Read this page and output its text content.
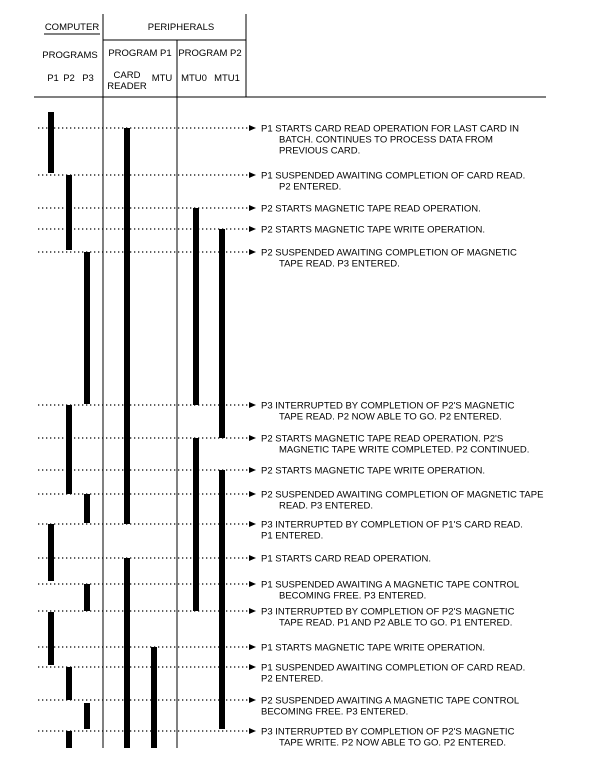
COMPUTER	PERIPHERALS
PROGRAMS PROGRAM P1 PROGRAM P2
P1 P2 P3 CARD
READER
MTU MTU0 MTU1
P1 STARTS CARD READ OPERATION FOR LAST CARD IN
BATCH. CONTINUES TO PROCESS DATA FROM
PREVIOUS CARD.
P1 SUSPENDED AWAITING COMPLETION OF CARD READ.
P2 ENTERED.
P2 STARTS MAGNETIC TAPE READ OPERATION.
P2 STARTS MAGNETIC TAPE WRITE OPERATION.
P2 SUSPENDED AWAITING COMPLETION OF MAGNETIC
TAPE READ. P3 ENTERED.
P3 INTERRUPTED BY COMPLETION OF P2'S MAGNETIC
TAPE READ. P2 NOW ABLE TO GO. P2 ENTERED.
P2 STARTS MAGNETIC TAPE READ OPERATION. P2'S
MAGNETIC TAPE WRITE COMPLETED. P2 CONTINUED.
P2 STARTS MAGNETIC TAPE WRITE OPERATION.
P2 SUSPENDED AWAITING COMPLETION OF MAGNETIC TAPE
READ. P3 ENTERED.
P3 INTERRUPTED BY COMPLETION OF P1'S CARD READ.
P1 ENTERED.
P1 STARTS CARD READ OPERATION.
P1 SUSPENDED AWAITING A MAGNETIC TAPE CONTROL
BECOMING FREE. P3 ENTERED.
P3 INTERRUPTED BY COMPLETION OF P2'S MAGNETIC
TAPE READ. P1 AND P2 ABLE TO GO. P1 ENTERED.
P1 STARTS MAGNETIC TAPE WRITE OPERATION.
P1 SUSPENDED AWAITING COMPLETION OF CARD READ.
P2 ENTERED.
P2 SUSPENDED AWAITING A MAGNETIC TAPE CONTROL
BECOMING FREE. P3 ENTERED.
P3 INTERRUPTED BY COMPLETION OF P2'S MAGNETIC
TAPE WRITE. P2 NOW ABLE TO GO. P2 ENTERED.
